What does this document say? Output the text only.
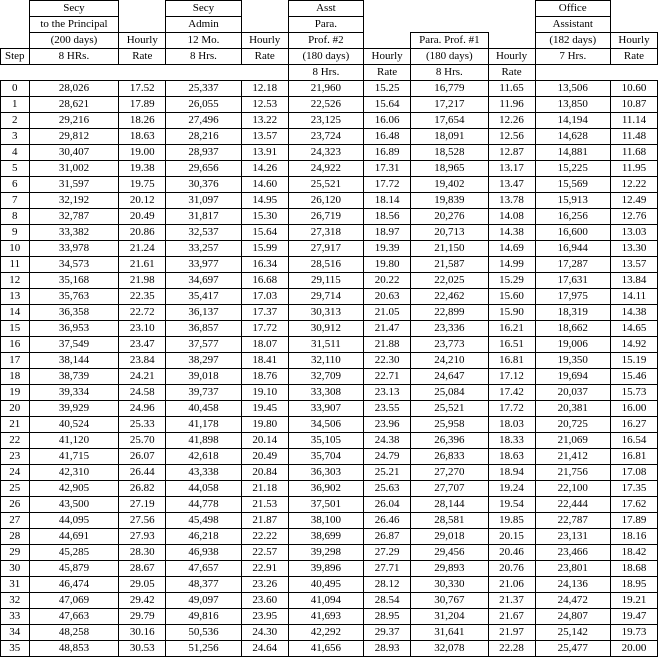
	Secy		Secy		Asst				Office	
	to the Principal		Admin		Para.				Assistant	
	(200 days)	Hourly	12 Mo.	Hourly	Prof. #2		Para. Prof. #1		(182 days)	Hourly
Step	8 HRs.	Rate	8 Hrs.	Rate	(180 days)	Hourly	(180 days)	Hourly	7 Hrs.	Rate
					8 Hrs.	Rate	8 Hrs.	Rate		
0	28,026	17.52	25,337	12.18	21,960	15.25	16,779	11.65	13,506	10.60
1	28,621	17.89	26,055	12.53	22,526	15.64	17,217	11.96	13,850	10.87
2	29,216	18.26	27,496	13.22	23,125	16.06	17,654	12.26	14,194	11.14
3	29,812	18.63	28,216	13.57	23,724	16.48	18,091	12.56	14,628	11.48
4	30,407	19.00	28,937	13.91	24,323	16.89	18,528	12.87	14,881	11.68
5	31,002	19.38	29,656	14.26	24,922	17.31	18,965	13.17	15,225	11.95
6	31,597	19.75	30,376	14.60	25,521	17.72	19,402	13.47	15,569	12.22
7	32,192	20.12	31,097	14.95	26,120	18.14	19,839	13.78	15,913	12.49
8	32,787	20.49	31,817	15.30	26,719	18.56	20,276	14.08	16,256	12.76
9	33,382	20.86	32,537	15.64	27,318	18.97	20,713	14.38	16,600	13.03
10	33,978	21.24	33,257	15.99	27,917	19.39	21,150	14.69	16,944	13.30
11	34,573	21.61	33,977	16.34	28,516	19.80	21,587	14.99	17,287	13.57
12	35,168	21.98	34,697	16.68	29,115	20.22	22,025	15.29	17,631	13.84
13	35,763	22.35	35,417	17.03	29,714	20.63	22,462	15.60	17,975	14.11
14	36,358	22.72	36,137	17.37	30,313	21.05	22,899	15.90	18,319	14.38
15	36,953	23.10	36,857	17.72	30,912	21.47	23,336	16.21	18,662	14.65
16	37,549	23.47	37,577	18.07	31,511	21.88	23,773	16.51	19,006	14.92
17	38,144	23.84	38,297	18.41	32,110	22.30	24,210	16.81	19,350	15.19
18	38,739	24.21	39,018	18.76	32,709	22.71	24,647	17.12	19,694	15.46
19	39,334	24.58	39,737	19.10	33,308	23.13	25,084	17.42	20,037	15.73
20	39,929	24.96	40,458	19.45	33,907	23.55	25,521	17.72	20,381	16.00
21	40,524	25.33	41,178	19.80	34,506	23.96	25,958	18.03	20,725	16.27
22	41,120	25.70	41,898	20.14	35,105	24.38	26,396	18.33	21,069	16.54
23	41,715	26.07	42,618	20.49	35,704	24.79	26,833	18.63	21,412	16.81
24	42,310	26.44	43,338	20.84	36,303	25.21	27,270	18.94	21,756	17.08
25	42,905	26.82	44,058	21.18	36,902	25.63	27,707	19.24	22,100	17.35
26	43,500	27.19	44,778	21.53	37,501	26.04	28,144	19.54	22,444	17.62
27	44,095	27.56	45,498	21.87	38,100	26.46	28,581	19.85	22,787	17.89
28	44,691	27.93	46,218	22.22	38,699	26.87	29,018	20.15	23,131	18.16
29	45,285	28.30	46,938	22.57	39,298	27.29	29,456	20.46	23,466	18.42
30	45,879	28.67	47,657	22.91	39,896	27.71	29,893	20.76	23,801	18.68
31	46,474	29.05	48,377	23.26	40,495	28.12	30,330	21.06	24,136	18.95
32	47,069	29.42	49,097	23.60	41,094	28.54	30,767	21.37	24,472	19.21
33	47,663	29.79	49,816	23.95	41,693	28.95	31,204	21.67	24,807	19.47
34	48,258	30.16	50,536	24.30	42,292	29.37	31,641	21.97	25,142	19.73
35	48,853	30.53	51,256	24.64	41,656	28.93	32,078	22.28	25,477	20.00
